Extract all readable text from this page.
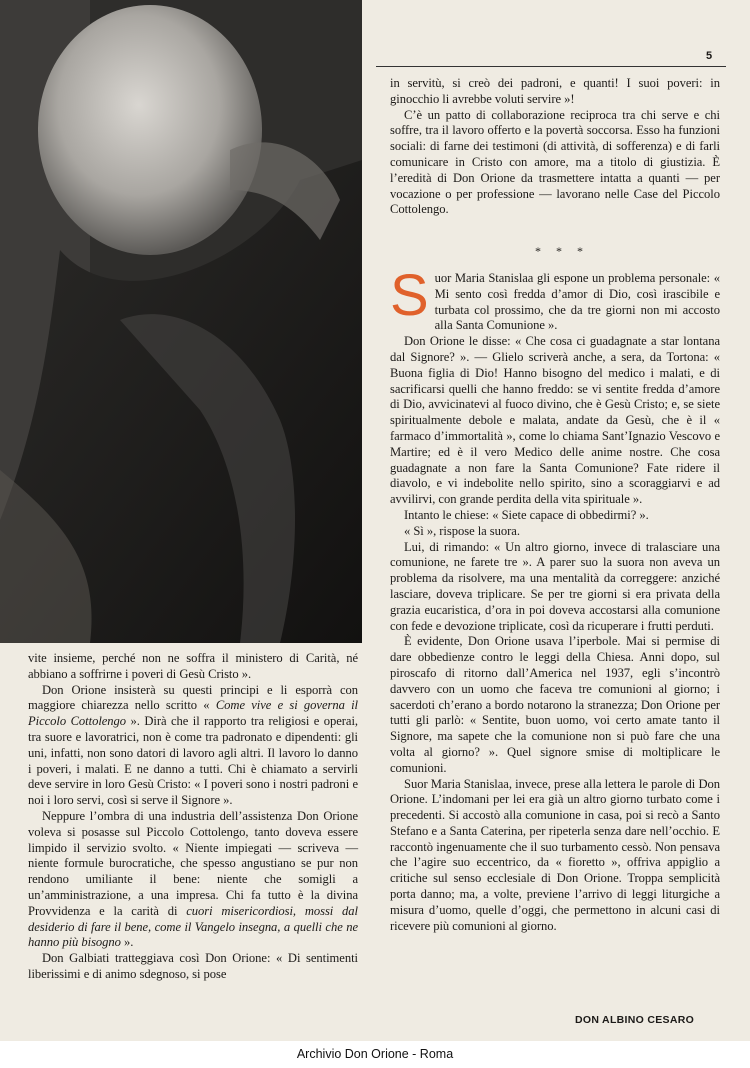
5

in servitù, si creò dei padroni, e quanti! I suoi poveri: in ginocchio li avrebbe voluti servire »!

C’è un patto di collaborazione reciproca tra chi serve e chi soffre, tra il lavoro offerto e la povertà soccorsa. Esso ha funzioni sociali: di farne dei testimoni (di attività, di sofferenza) e di farli comunicare in Cristo con amore, ma a titolo di giustizia. È l’eredità di Don Orione da trasmettere intatta a quanti — per vocazione o per professione — lavorano nelle Case del Piccolo Cottolengo.

* * *

Suor Maria Stanislaa gli espone un problema personale: « Mi sento così fredda d’amor di Dio, così irascibile e turbata col prossimo, che da tre giorni non mi accosto alla Santa Comunione ».

Don Orione le disse: « Che cosa ci guadagnate a star lontana dal Signore? ». — Glielo scriverà anche, a sera, da Tortona: « Buona figlia di Dio! Hanno bisogno del medico i malati, e di sacrificarsi quelli che hanno freddo: se vi sentite fredda d’amore di Dio, avvicinatevi al fuoco divino, che è Gesù Cristo; e, se siete spiritualmente debole e malata, andate da Gesù, che è il « farmaco d’immortalità », come lo chiama Sant’Ignazio Vescovo e Martire; ed è il vero Medico delle anime nostre. Che cosa guadagnate a non fare la Santa Comunione? Fate ridere il diavolo, e vi indebolite nello spirito, sino a scoraggiarvi e ad avvilirvi, con grande perdita della vita spirituale ».

Intanto le chiese: « Siete capace di obbedirmi? ».

« Sì », rispose la suora.

Lui, di rimando: « Un altro giorno, invece di tralasciare una comunione, ne farete tre ». A parer suo la suora non aveva un problema da risolvere, ma una mentalità da correggere: anziché lasciare, doveva triplicare. Se per tre giorni si era privata della grazia eucaristica, d’ora in poi doveva accostarsi alla comunione con fede e devozione triplicate, così da ricuperare i frutti perduti.

È evidente, Don Orione usava l’iperbole. Mai si permise di dare obbedienze contro le leggi della Chiesa. Anni dopo, sul piroscafo di ritorno dall’America nel 1937, egli s’incontrò davvero con un uomo che faceva tre comunioni al giorno; i sacerdoti ch’erano a bordo notarono la stranezza; Don Orione per tutti gli parlò: « Sentite, buon uomo, voi certo amate tanto il Signore, ma sapete che la comunione non si può fare che una volta al giorno? ». Quel signore smise di moltiplicare le comunioni.

Suor Maria Stanislaa, invece, prese alla lettera le parole di Don Orione. L’indomani per lei era già un altro giorno turbato come i precedenti. Si accostò alla comunione in casa, poi si recò a Santo Stefano e a Santa Caterina, per ripeterla senza dare nell’occhio. E raccontò ingenuamente che il suo turbamento cessò. Non pensava che l’agire suo eccentrico, da « fioretto », offriva appiglio a critiche sul senso ecclesiale di Don Orione. Troppa semplicità porta danno; ma, a volte, previene l’arrivo di leggi liturgiche a misura d’uomo, quelle d’oggi, che permettono in alcuni casi di ricevere più comunioni al giorno.

vite insieme, perché non ne soffra il ministero di Carità, né abbiano a soffrirne i poveri di Gesù Cristo ».

Don Orione insisterà su questi principi e li esporrà con maggiore chiarezza nello scritto « Come vive e si governa il Piccolo Cottolengo ». Dirà che il rapporto tra religiosi e operai, tra suore e lavoratrici, non è come tra padronato e dipendenti: gli uni, infatti, non sono datori di lavoro agli altri. Il lavoro lo danno i poveri, i malati. E ne danno a tutti. Chi è chiamato a servirli deve servire in loro Gesù Cristo: « I poveri sono i nostri padroni e noi i loro servi, così si serve il Signore ».

Neppure l’ombra di una industria dell’assistenza Don Orione voleva si posasse sul Piccolo Cottolengo, tanto doveva essere limpido il servizio svolto. « Niente impiegati — scriveva — niente formule burocratiche, che spesso angustiano se pur non rendono umiliante il bene: niente che somigli a un’amministrazione, a una impresa. Chi fa tutto è la divina Provvidenza e la carità di cuori misericordiosi, mossi dal desiderio di fare il bene, come il Vangelo insegna, a quelli che ne hanno più bisogno ».

Don Galbiati tratteggiava così Don Orione: « Di sentimenti liberissimi e di animo sdegnoso, si pose

DON ALBINO CESARO
Archivio Don Orione - Roma
